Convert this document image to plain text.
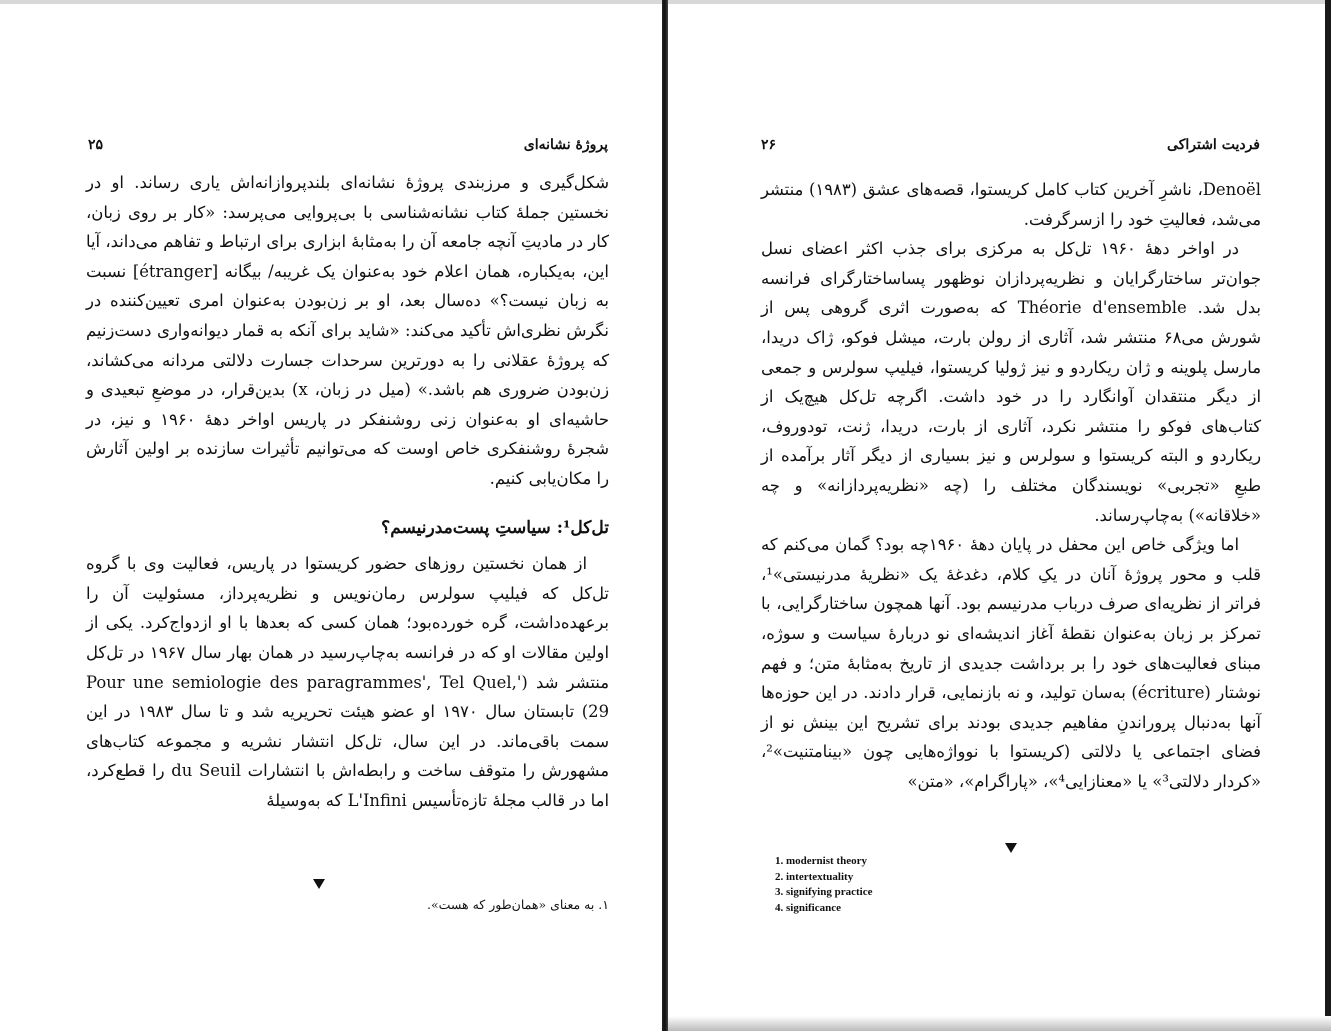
پروژهٔ نشانه‌ای
۲۵

شکل‌گیری و مرزبندی پروژهٔ نشانه‌ای بلندپروازانه‌اش یاری رساند. او در نخستین جملهٔ کتاب نشانه‌شناسی با بی‌پروایی می‌پرسد: «کار بر روی زبان، کار در مادیتِ آنچه جامعه آن را به‌مثابهٔ ابزاری برای ارتباط و تفاهم می‌داند، آیا این، به‌یکباره، همان اعلام خود به‌عنوان یک غریبه/ بیگانه [étranger] نسبت به زبان نیست؟» ده‌سال بعد، او بر زن‌بودن به‌عنوان امری تعیین‌کننده در نگرش نظری‌اش تأکید می‌کند: «شاید برای آنکه به قمار دیوانه‌واری دست‌زنیم که پروژهٔ عقلانی را به دورترین سرحدات جسارت دلالتی مردانه می‌کشاند، زن‌بودن ضروری هم باشد.» (میل در زبان، x) بدین‌قرار، در موضعِ تبعیدی و حاشیه‌ای او به‌عنوان زنی روشنفکر در پاریس اواخر دههٔ ۱۹۶۰ و نیز، در شجرهٔ روشنفکری خاص اوست که می‌توانیم تأثیرات سازنده بر اولین آثارش را مکان‌یابی کنیم.

تل‌کل¹: سیاستِ پست‌مدرنیسم؟

از همان نخستین روزهای حضور کریستوا در پاریس، فعالیت وی با گروه تل‌کل که فیلیپ سولرس رمان‌نویس و نظریه‌پرداز، مسئولیت آن را برعهده‌داشت، گره خورده‌بود؛ همان کسی که بعدها با او ازدواج‌کرد. یکی از اولین مقالات او که در فرانسه به‌چاپ‌رسید در همان بهار سال ۱۹۶۷ در تل‌کل منتشر شد ('Pour une semiologie des paragrammes', Tel Quel, 29) تابستان سال ۱۹۷۰ او عضو هیئت تحریریه شد و تا سال ۱۹۸۳ در این سمت باقی‌ماند. در این سال، تل‌کل انتشار نشریه و مجموعه کتاب‌های مشهورش را متوقف ساخت و رابطه‌اش با انتشارات du Seuil را قطع‌کرد، اما در قالب مجلهٔ تازه‌تأسیس L'Infini که به‌وسیلهٔ

۱. به معنای «همان‌طور که هست».
فردیت اشتراکی
۲۶

Denoël، ناشرِ آخرین کتاب کامل کریستوا، قصه‌های عشق (۱۹۸۳) منتشر می‌شد، فعالیتِ خود را ازسرگرفت.

در اواخر دههٔ ۱۹۶۰ تل‌کل به مرکزی برای جذب اکثر اعضای نسل جوان‌تر ساختارگرایان و نظریه‌پردازان نوظهور پساساختارگرای فرانسه بدل شد. Théorie d'ensemble که به‌صورت اثری گروهی پس از شورش می‌۶۸ منتشر شد، آثاری از رولن بارت، میشل فوکو، ژاک دریدا، مارسل پلوینه و ژان ریکاردو و نیز ژولیا کریستوا، فیلیپ سولرس و جمعی از دیگر منتقدان آوانگارد را در خود داشت. اگرچه تل‌کل هیچ‌یک از کتاب‌های فوکو را منتشر نکرد، آثاری از بارت، دریدا، ژنت، تودوروف، ریکاردو و البته کریستوا و سولرس و نیز بسیاری از دیگر آثار برآمده از طبعِ «تجربی» نویسندگان مختلف را (چه «نظریه‌پردازانه» و چه «خلاقانه») به‌چاپ‌رساند.

اما ویژگی خاص این محفل در پایان دههٔ ۱۹۶۰چه بود؟ گمان می‌کنم که قلب و محور پروژهٔ آنان در یکِ کلام، دغدغهٔ یک «نظریهٔ مدرنیستی»¹، فراتر از نظریه‌ای صرف درباب مدرنیسم بود. آنها همچون ساختارگرایی، با تمرکز بر زبان به‌عنوان نقطهٔ آغاز اندیشه‌ای نو دربارهٔ سیاست و سوژه، مبنای فعالیت‌های خود را بر برداشت جدیدی از تاریخ به‌مثابهٔ متن؛ و فهم نوشتار (écriture) به‌سان تولید، و نه بازنمایی، قرار دادند. در این حوزه‌ها آنها به‌دنبال پروراندنِ مفاهیم جدیدی بودند برای تشریح این بینش نو از فضای اجتماعی یا دلالتی (کریستوا با نوواژه‌هایی چون «بینامتنیت»²، «کردار دلالتی³» یا «معنازایی⁴»، «پاراگرام»، «متن»

1. modernist theory
2. intertextuality
3. signifying practice
4. significance
